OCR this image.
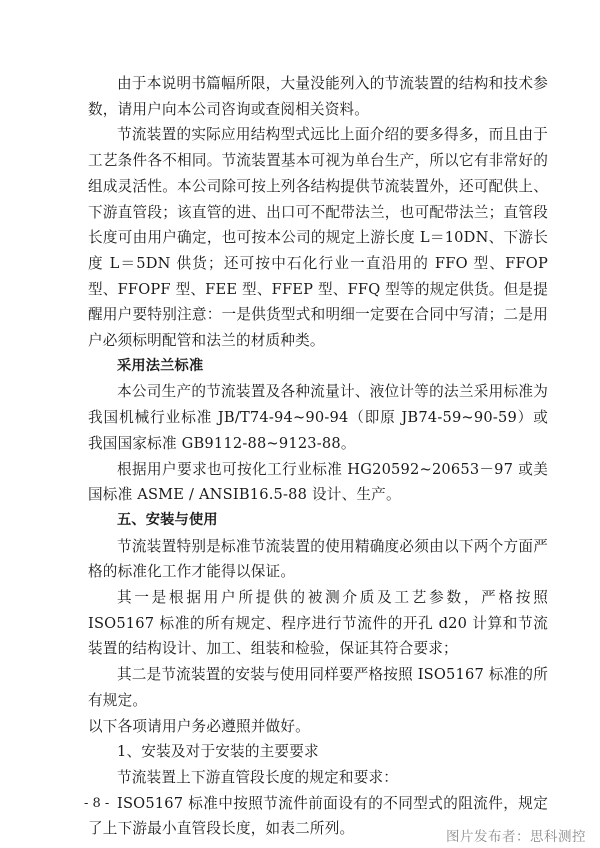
由于本说明书篇幅所限，大量没能列入的节流装置的结构和技术参数，请用户向本公司咨询或查阅相关资料。

节流装置的实际应用结构型式远比上面介绍的要多得多，而且由于工艺条件各不相同。节流装置基本可视为单台生产，所以它有非常好的组成灵活性。本公司除可按上列各结构提供节流装置外，还可配供上、下游直管段；该直管的进、出口可不配带法兰，也可配带法兰；直管段长度可由用户确定，也可按本公司的规定上游长度 L＝10DN、下游长度 L＝5DN 供货；还可按中石化行业一直沿用的 FFO 型、FFOP 型、FFOPF 型、FEE 型、FFEP 型、FFQ 型等的规定供货。但是提醒用户要特别注意：一是供货型式和明细一定要在合同中写清；二是用户必须标明配管和法兰的材质种类。

采用法兰标准

本公司生产的节流装置及各种流量计、液位计等的法兰采用标准为我国机械行业标准 JB/T74-94~90-94（即原 JB74-59~90-59）或我国国家标准 GB9112-88~9123-88。

根据用户要求也可按化工行业标准 HG20592~20653－97 或美国标准 ASME / ANSIB16.5-88 设计、生产。

五、安装与使用

节流装置特别是标准节流装置的使用精确度必须由以下两个方面严格的标准化工作才能得以保证。

其一是根据用户所提供的被测介质及工艺参数，严格按照 ISO5167 标准的所有规定、程序进行节流件的开孔 d20 计算和节流装置的结构设计、加工、组装和检验，保证其符合要求；

其二是节流装置的安装与使用同样要严格按照 ISO5167 标准的所有规定。

以下各项请用户务必遵照并做好。

1、安装及对于安装的主要要求

节流装置上下游直管段长度的规定和要求：

ISO5167 标准中按照节流件前面设有的不同型式的阻流件，规定了上下游最小直管段长度，如表二所列。

- 8 -
图片发布者：思科测控
